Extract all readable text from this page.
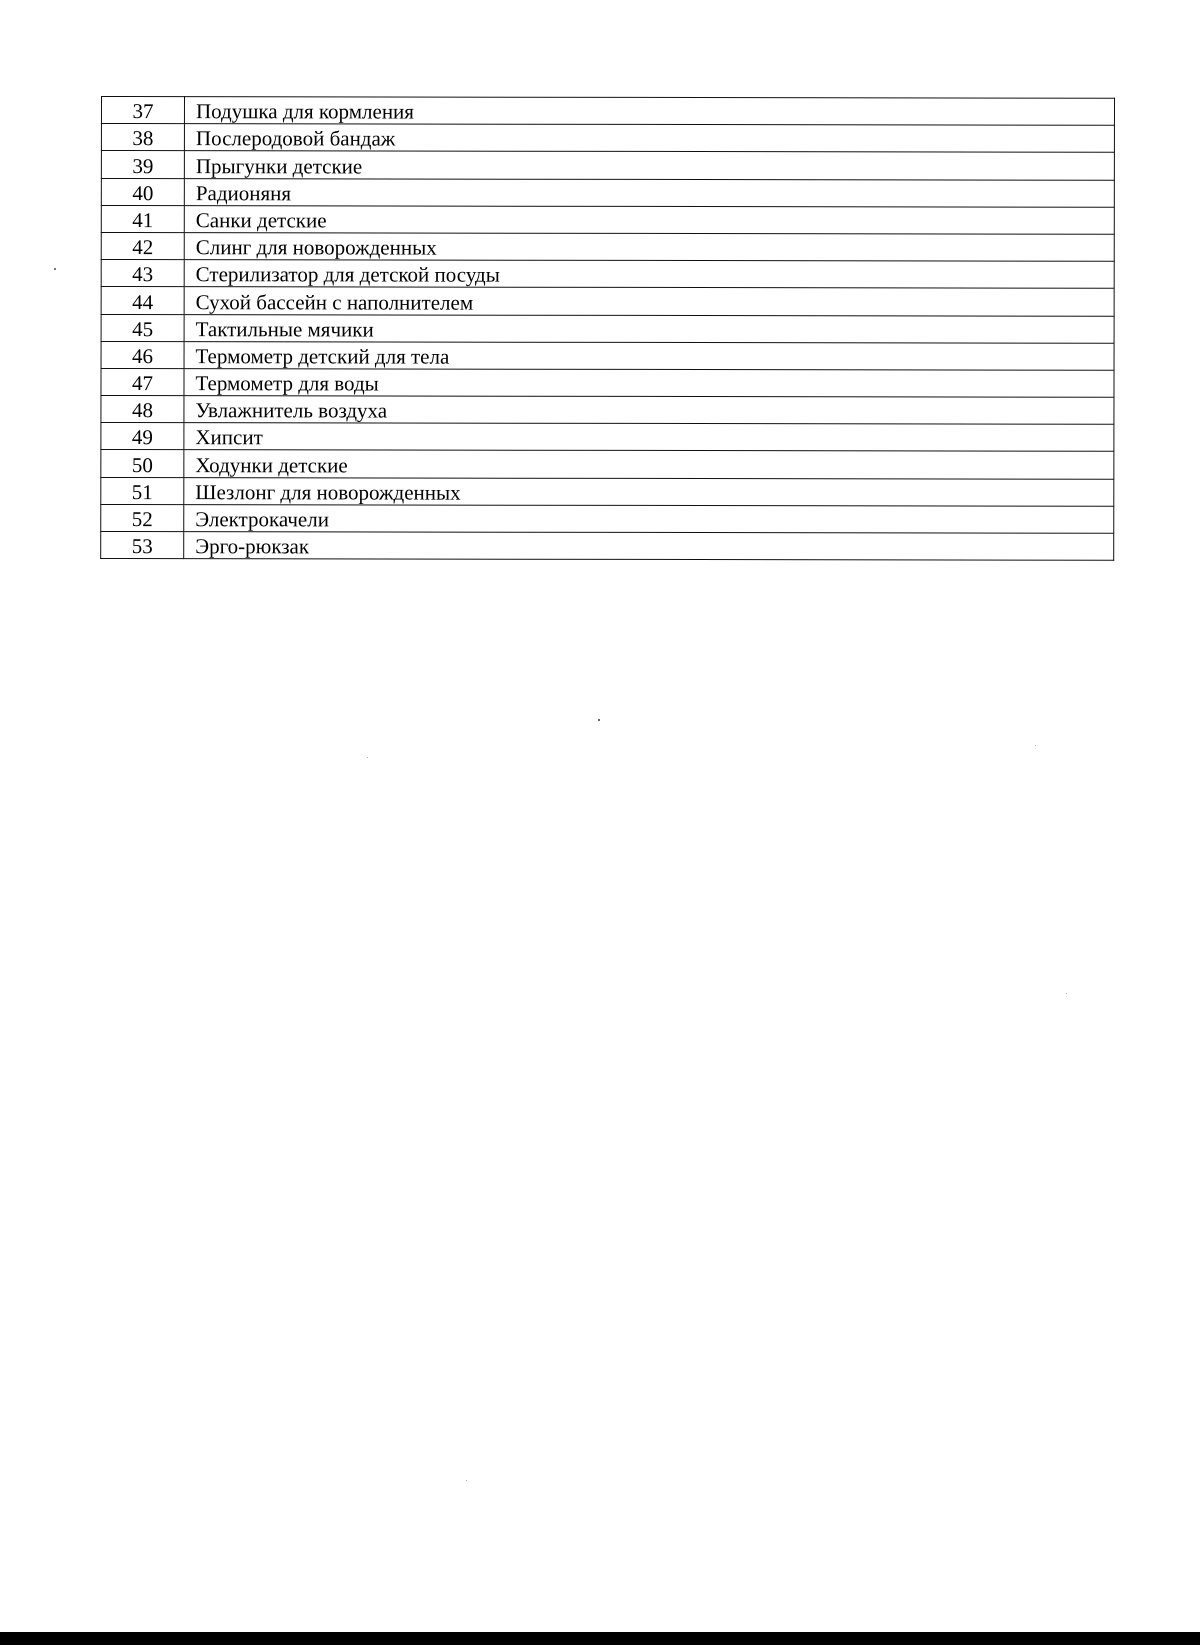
37	Подушка для кормления
38	Послеродовой бандаж
39	Прыгунки детские
40	Радионяня
41	Санки детские
42	Слинг для новорожденных
43	Стерилизатор для детской посуды
44	Сухой бассейн с наполнителем
45	Тактильные мячики
46	Термометр детский для тела
47	Термометр для воды
48	Увлажнитель воздуха
49	Хипсит
50	Ходунки детские
51	Шезлонг для новорожденных
52	Электрокачели
53	Эрго-рюкзак
